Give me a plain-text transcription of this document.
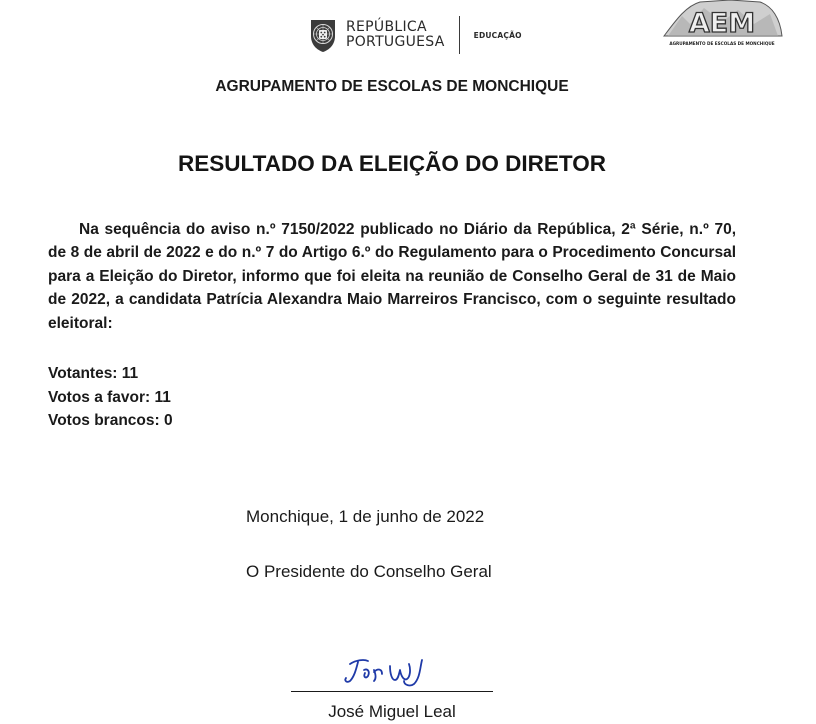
REPÚBLICA
PORTUGUESA	EDUCAÇÃO	AEM
AGRUPAMENTO DE ESCOLAS DE MONCHIQUE
AGRUPAMENTO DE ESCOLAS DE MONCHIQUE
RESULTADO DA ELEIÇÃO DO DIRETOR

Na sequência do aviso n.º 7150/2022 publicado no Diário da República, 2ª Série, n.º 70, de 8 de abril de 2022 e do n.º 7 do Artigo 6.º do Regulamento para o Procedimento Concursal para a Eleição do Diretor, informo que foi eleita na reunião de Conselho Geral de 31 de Maio de 2022, a candidata Patrícia Alexandra Maio Marreiros Francisco, com o seguinte resultado eleitoral:

Votantes: 11
Votos a favor: 11
Votos brancos: 0
Monchique, 1 de junho de 2022
O Presidente do Conselho Geral
José Miguel Leal
